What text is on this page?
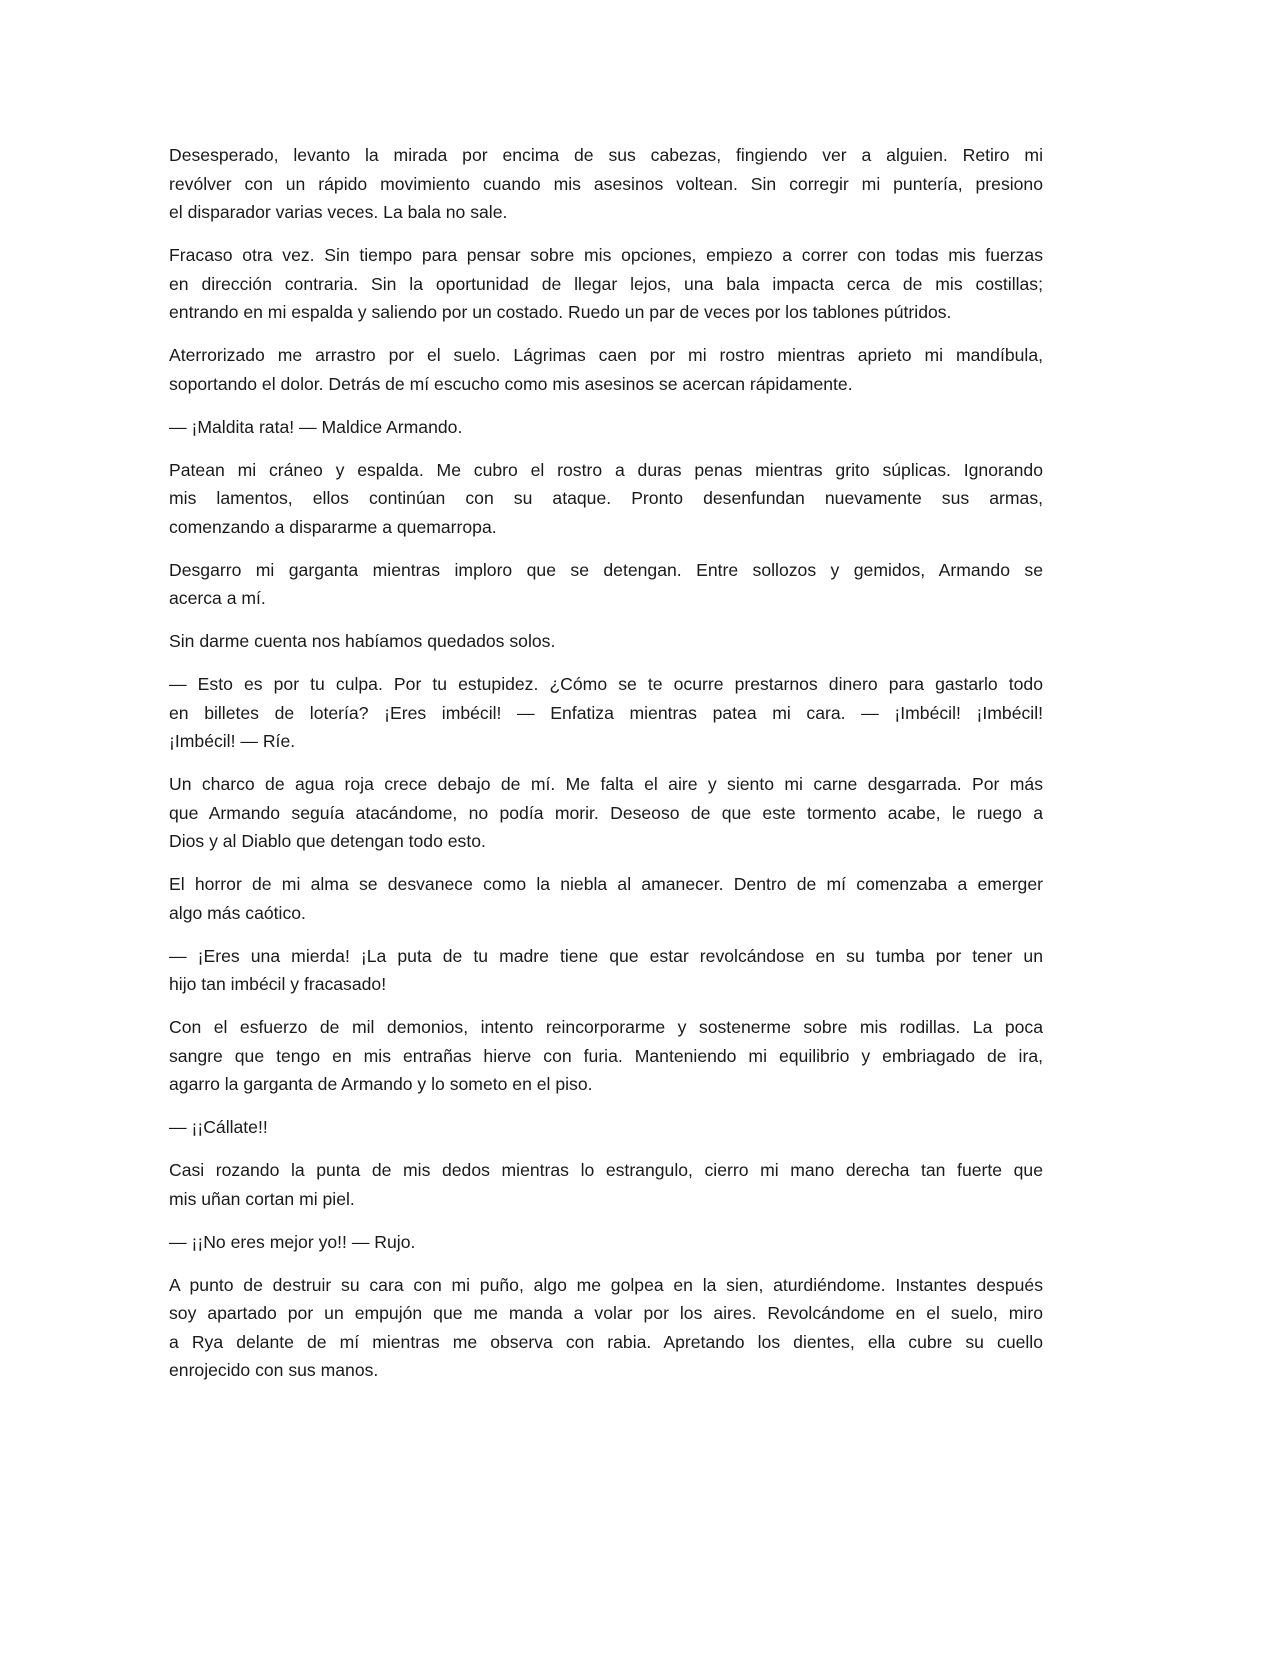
Desesperado, levanto la mirada por encima de sus cabezas, fingiendo ver a alguien. Retiro mi
revólver con un rápido movimiento cuando mis asesinos voltean. Sin corregir mi puntería, presiono
el disparador varias veces. La bala no sale.

Fracaso otra vez. Sin tiempo para pensar sobre mis opciones, empiezo a correr con todas mis fuerzas
en dirección contraria. Sin la oportunidad de llegar lejos, una bala impacta cerca de mis costillas;
entrando en mi espalda y saliendo por un costado. Ruedo un par de veces por los tablones pútridos.

Aterrorizado me arrastro por el suelo. Lágrimas caen por mi rostro mientras aprieto mi mandíbula,
soportando el dolor. Detrás de mí escucho como mis asesinos se acercan rápidamente.

— ¡Maldita rata! — Maldice Armando.

Patean mi cráneo y espalda. Me cubro el rostro a duras penas mientras grito súplicas. Ignorando
mis lamentos, ellos continúan con su ataque. Pronto desenfundan nuevamente sus armas,
comenzando a dispararme a quemarropa.

Desgarro mi garganta mientras imploro que se detengan. Entre sollozos y gemidos, Armando se
acerca a mí.

Sin darme cuenta nos habíamos quedados solos.

— Esto es por tu culpa. Por tu estupidez. ¿Cómo se te ocurre prestarnos dinero para gastarlo todo
en billetes de lotería? ¡Eres imbécil! — Enfatiza mientras patea mi cara. — ¡Imbécil! ¡Imbécil!
¡Imbécil! — Ríe.

Un charco de agua roja crece debajo de mí. Me falta el aire y siento mi carne desgarrada. Por más
que Armando seguía atacándome, no podía morir. Deseoso de que este tormento acabe, le ruego a
Dios y al Diablo que detengan todo esto.

El horror de mi alma se desvanece como la niebla al amanecer. Dentro de mí comenzaba a emerger
algo más caótico.

— ¡Eres una mierda! ¡La puta de tu madre tiene que estar revolcándose en su tumba por tener un
hijo tan imbécil y fracasado!

Con el esfuerzo de mil demonios, intento reincorporarme y sostenerme sobre mis rodillas. La poca
sangre que tengo en mis entrañas hierve con furia. Manteniendo mi equilibrio y embriagado de ira,
agarro la garganta de Armando y lo someto en el piso.

— ¡¡Cállate!!

Casi rozando la punta de mis dedos mientras lo estrangulo, cierro mi mano derecha tan fuerte que
mis uñan cortan mi piel.

— ¡¡No eres mejor yo!! — Rujo.

A punto de destruir su cara con mi puño, algo me golpea en la sien, aturdiéndome. Instantes después
soy apartado por un empujón que me manda a volar por los aires. Revolcándome en el suelo, miro
a Rya delante de mí mientras me observa con rabia. Apretando los dientes, ella cubre su cuello
enrojecido con sus manos.
